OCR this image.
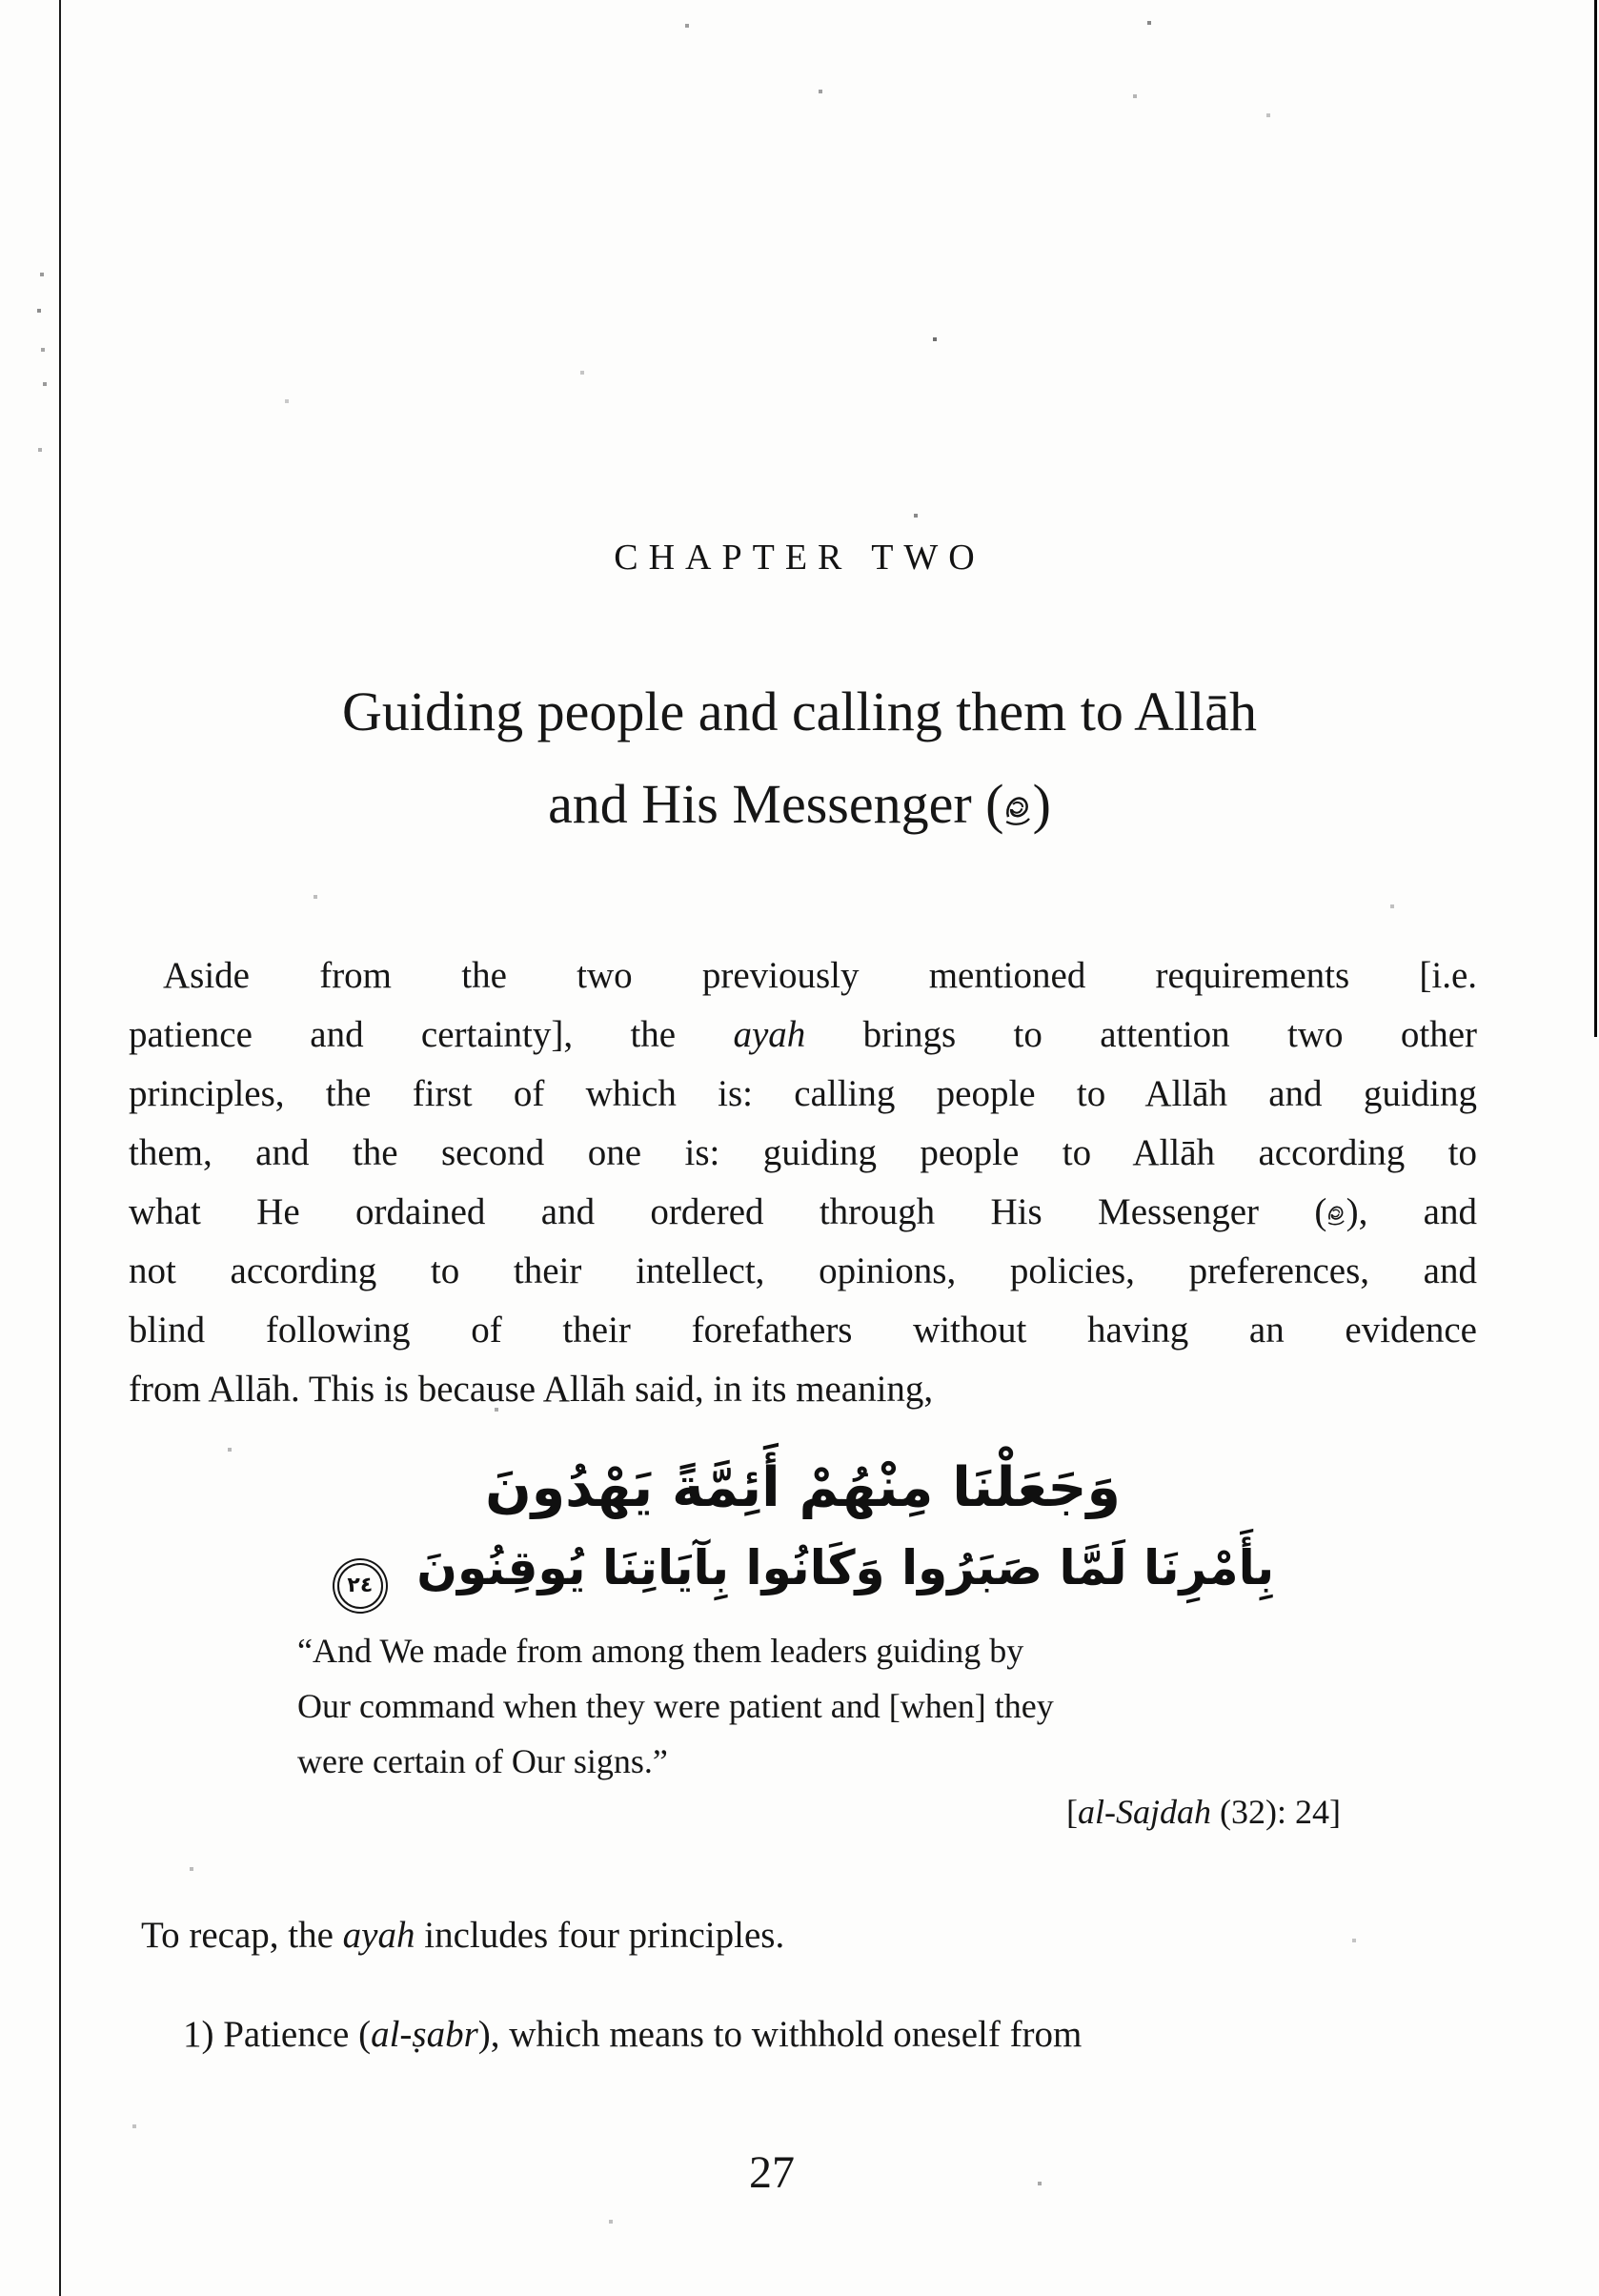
CHAPTER TWO
Guiding people and calling them to Allāh
and His Messenger ( )
Aside from the two previously mentioned requirements [i.e.
patience and certainty], the ayah brings to attention two other
principles, the first of which is: calling people to Allāh and guiding
them, and the second one is: guiding people to Allāh according to
what He ordained and ordered through His Messenger ( ), and
not according to their intellect, opinions, policies, preferences, and
blind following of their forefathers without having an evidence
from Allāh. This is because Allāh said, in its meaning,
وَجَعَلْنَا مِنْهُمْ أَئِمَّةً يَهْدُونَ
بِأَمْرِنَا لَمَّا صَبَرُوا وَكَانُوا بِآيَاتِنَا يُوقِنُونَ ٢٤
“And We made from among them leaders guiding by
Our command when they were patient and [when] they
were certain of Our signs.”
[al-Sajdah (32): 24]
To recap, the ayah includes four principles.
1) Patience (al-ṣabr), which means to withhold oneself from
27
